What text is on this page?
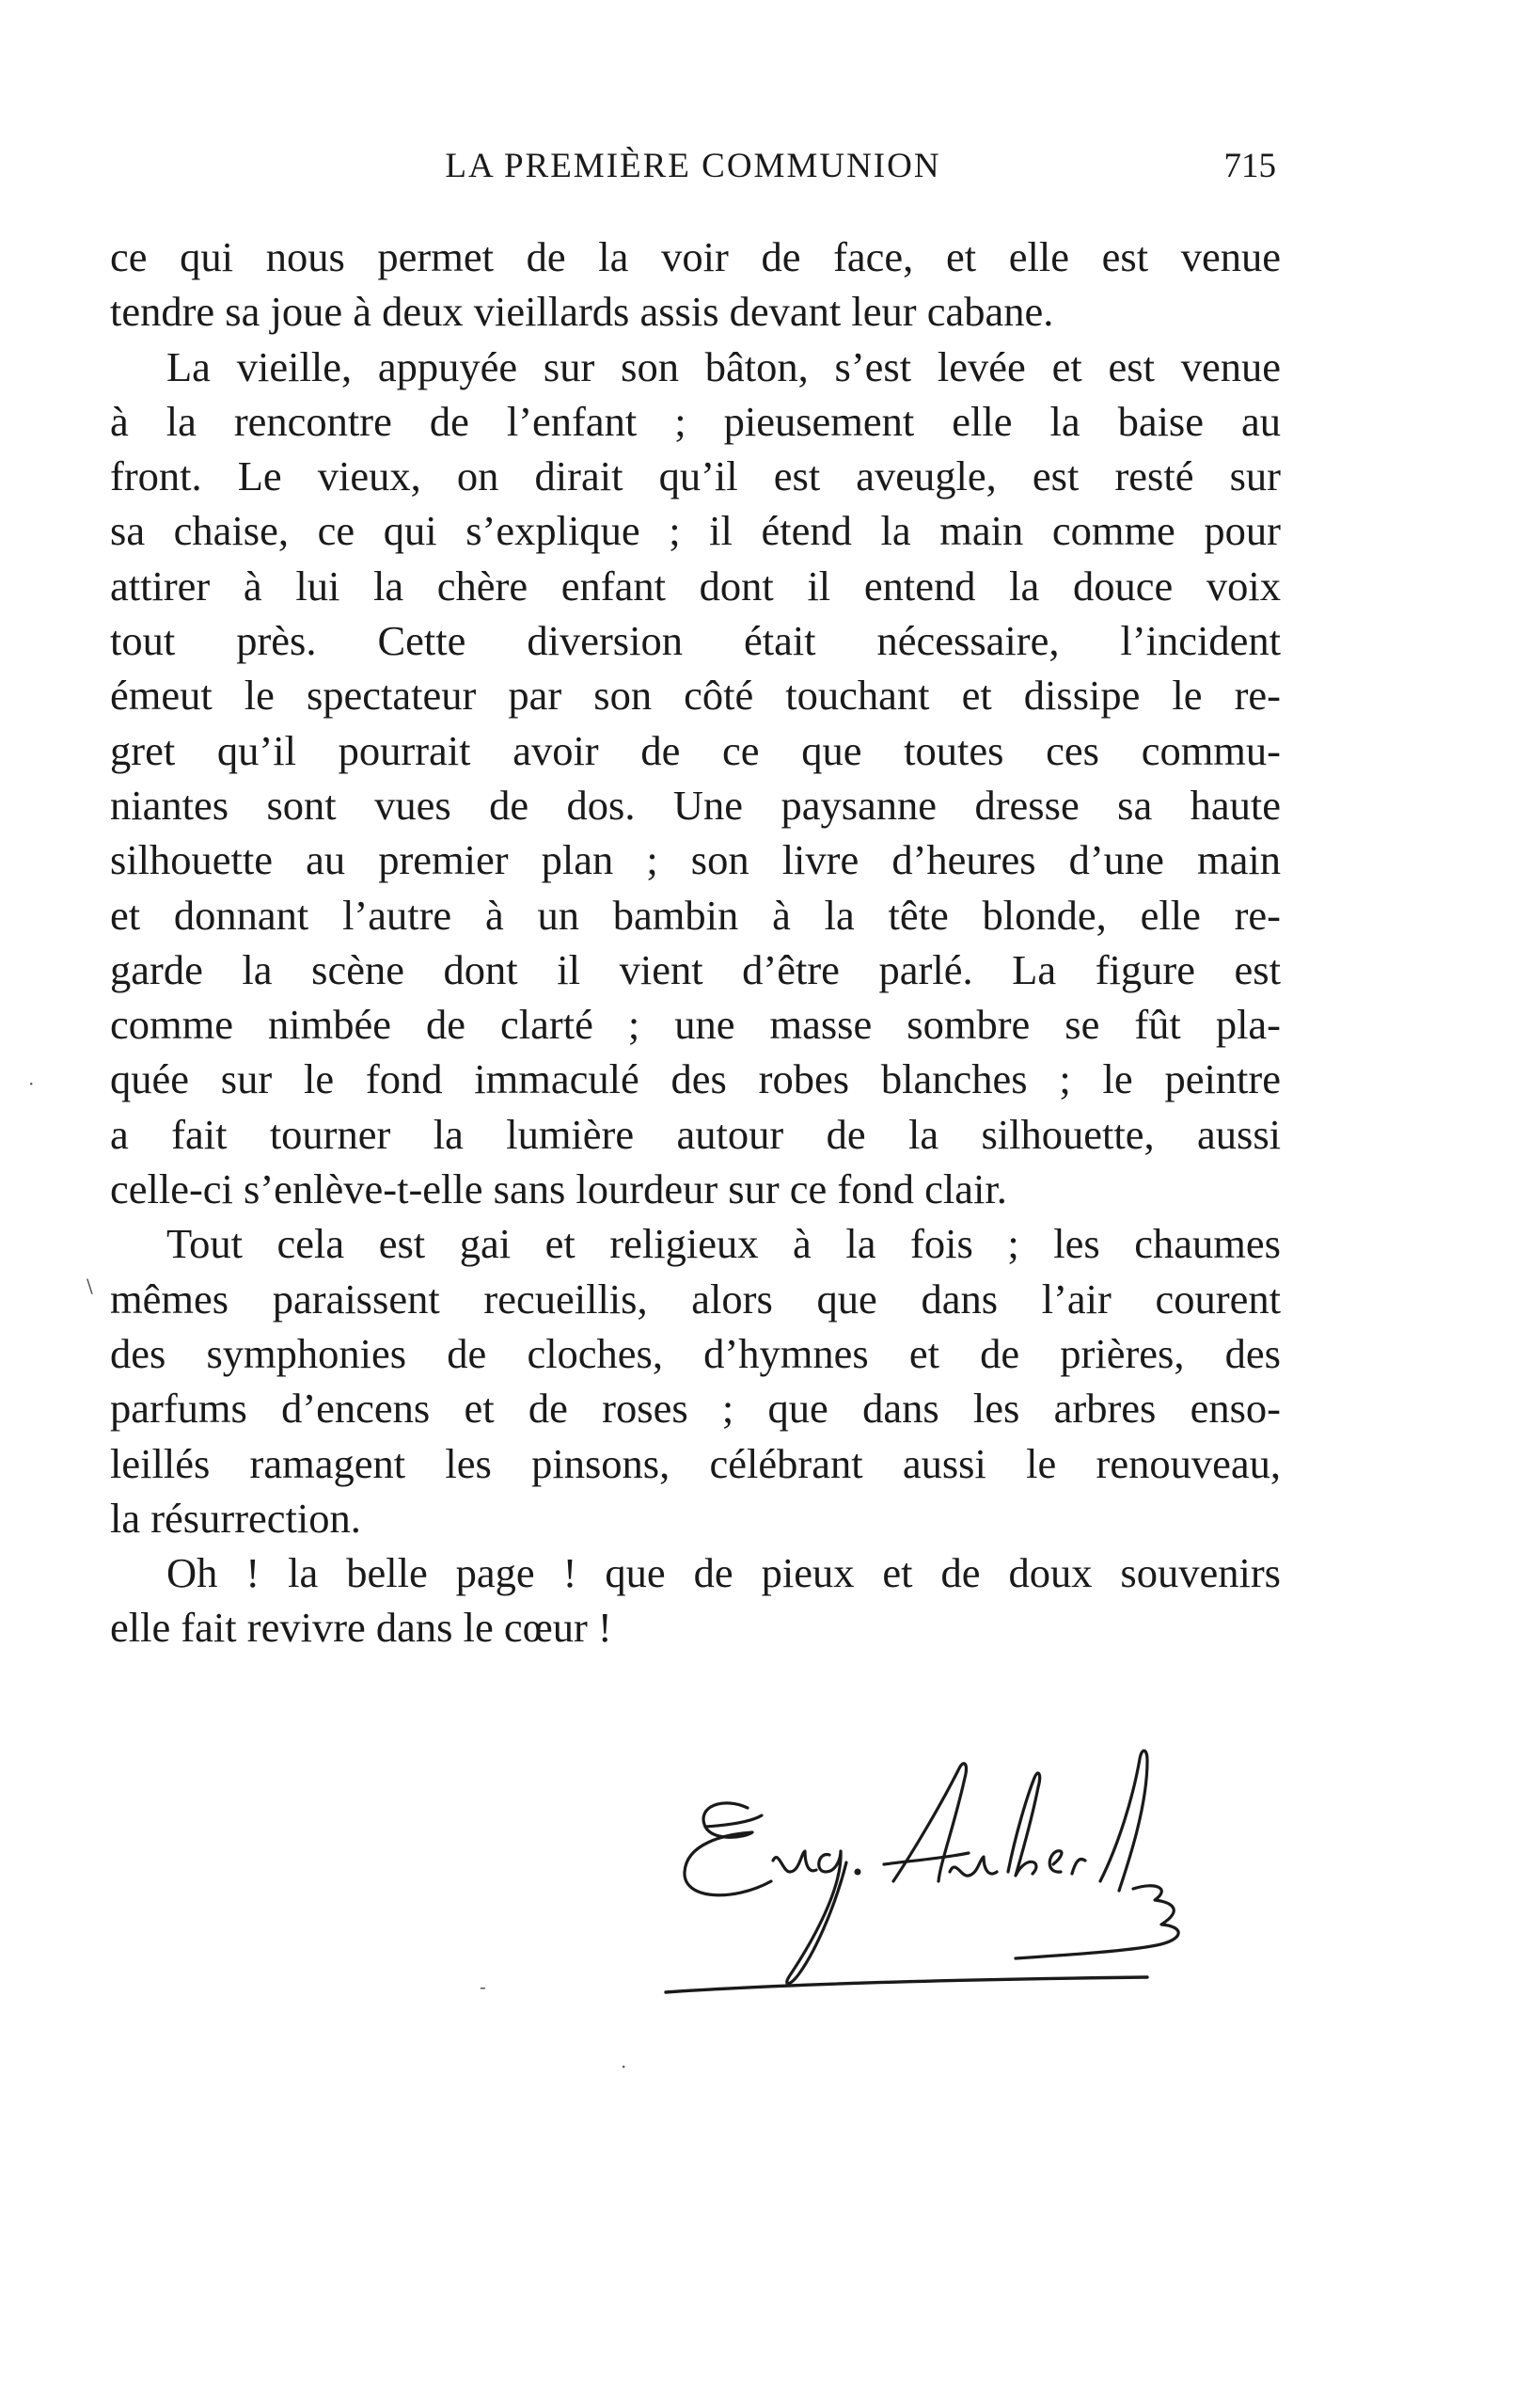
LA PREMIÈRE COMMUNION	715

ce qui nous permet de la voir de face, et elle est venue
tendre sa joue à deux vieillards assis devant leur cabane.

La vieille, appuyée sur son bâton, s’est levée et est venue
à la rencontre de l’enfant ; pieusement elle la baise au
front. Le vieux, on dirait qu’il est aveugle, est resté sur
sa chaise, ce qui s’explique ; il étend la main comme pour
attirer à lui la chère enfant dont il entend la douce voix
tout près. Cette diversion était nécessaire, l’incident
émeut le spectateur par son côté touchant et dissipe le re-
gret qu’il pourrait avoir de ce que toutes ces commu-
niantes sont vues de dos. Une paysanne dresse sa haute
silhouette au premier plan ; son livre d’heures d’une main
et donnant l’autre à un bambin à la tête blonde, elle re-
garde la scène dont il vient d’être parlé. La figure est
comme nimbée de clarté ; une masse sombre se fût pla-
quée sur le fond immaculé des robes blanches ; le peintre
a fait tourner la lumière autour de la silhouette, aussi
celle-ci s’enlève-t-elle sans lourdeur sur ce fond clair.

Tout cela est gai et religieux à la fois ; les chaumes
mêmes paraissent recueillis, alors que dans l’air courent
des symphonies de cloches, d’hymnes et de prières, des
parfums d’encens et de roses ; que dans les arbres enso-
leillés ramagent les pinsons, célébrant aussi le renouveau,
la résurrection.

Oh ! la belle page ! que de pieux et de doux souvenirs
elle fait revivre dans le cœur !

\
·
-
·
